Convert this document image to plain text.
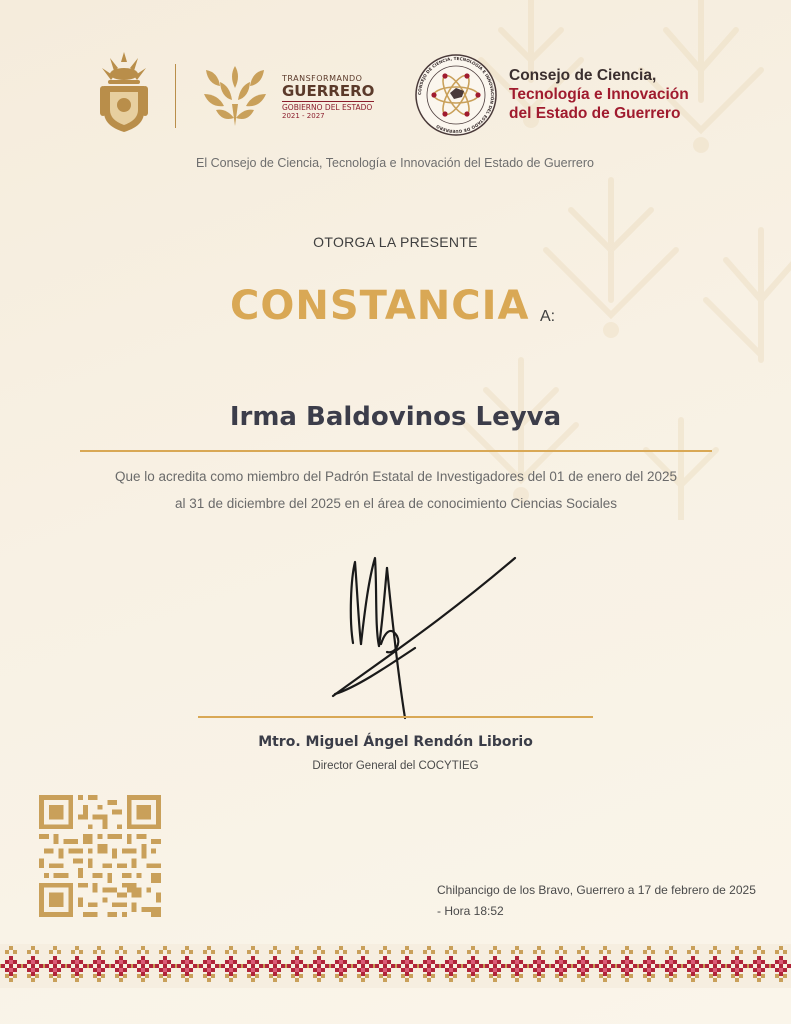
TRANSFORMANDO
GUERRERO
GOBIERNO DEL ESTADO
2021 - 2027
CONSEJO DE CIENCIA, TECNOLOGÍA E INNOVACIÓN DEL ESTADO DE GUERRERO
Consejo de Ciencia,
Tecnología e Innovación
del Estado de Guerrero
El Consejo de Ciencia, Tecnología e Innovación del Estado de Guerrero
OTORGA LA PRESENTE
CONSTANCIA A:
Irma Baldovinos Leyva
Que lo acredita como miembro del Padrón Estatal de Investigadores del 01 de enero del 2025 al 31 de diciembre del 2025 en el área de conocimiento Ciencias Sociales
Mtro. Miguel Ángel Rendón Liborio
Director General del COCYTIEG
Chilpancigo de los Bravo, Guerrero a 17 de febrero de 2025 - Hora 18:52
